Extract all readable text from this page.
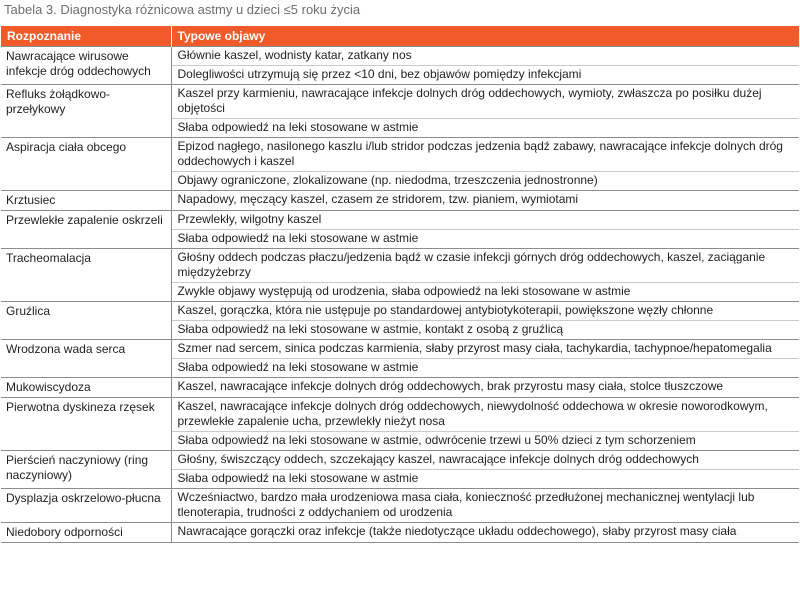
Tabela 3. Diagnostyka różnicowa astmy u dzieci ≤5 roku życia
Rozpoznanie	Typowe objawy
Nawracające wirusowe infekcje dróg oddechowych	Głównie kaszel, wodnisty katar, zatkany nos
Dolegliwości utrzymują się przez <10 dni, bez objawów pomiędzy infekcjami

Refluks żołądkowo-przełykowy	Kaszel przy karmieniu, nawracające infekcje dolnych dróg oddechowych, wymioty, zwłaszcza po posiłku dużej objętości
Słaba odpowiedź na leki stosowane w astmie

Aspiracja ciała obcego	Epizod nagłego, nasilonego kaszlu i/lub stridor podczas jedzenia bądź zabawy, nawracające infekcje dolnych dróg oddechowych i kaszel
Objawy ograniczone, zlokalizowane (np. niedodma, trzeszczenia jednostronne)

Krztusiec	Napadowy, męczący kaszel, czasem ze stridorem, tzw. pianiem, wymiotami

Przewlekłe zapalenie oskrzeli	Przewlekły, wilgotny kaszel
Słaba odpowiedź na leki stosowane w astmie

Tracheomalacja	Głośny oddech podczas płaczu/jedzenia bądź w czasie infekcji górnych dróg oddechowych, kaszel, zaciąganie międzyżebrzy
Zwykle objawy występują od urodzenia, słaba odpowiedź na leki stosowane w astmie

Gruźlica	Kaszel, gorączka, która nie ustępuje po standardowej antybiotykoterapii, powiększone węzły chłonne
Słaba odpowiedź na leki stosowane w astmie, kontakt z osobą z gruźlicą

Wrodzona wada serca	Szmer nad sercem, sinica podczas karmienia, słaby przyrost masy ciała, tachykardia, tachypnoe/hepatomegalia
Słaba odpowiedź na leki stosowane w astmie

Mukowiscydoza	Kaszel, nawracające infekcje dolnych dróg oddechowych, brak przyrostu masy ciała, stolce tłuszczowe

Pierwotna dyskineza rzęsek	Kaszel, nawracające infekcje dolnych dróg oddechowych, niewydolność oddechowa w okresie noworodkowym, przewlekłe zapalenie ucha, przewlekły nieżyt nosa
Słaba odpowiedź na leki stosowane w astmie, odwrócenie trzewi u 50% dzieci z tym schorzeniem

Pierścień naczyniowy (ring naczyniowy)	Głośny, świszczący oddech, szczekający kaszel, nawracające infekcje dolnych dróg oddechowych
Słaba odpowiedź na leki stosowane w astmie

Dysplazja oskrzelowo-płucna	Wcześniactwo, bardzo mała urodzeniowa masa ciała, konieczność przedłużonej mechanicznej wentylacji lub tlenoterapia, trudności z oddychaniem od urodzenia

Niedobory odporności	Nawracające gorączki oraz infekcje (także niedotyczące układu oddechowego), słaby przyrost masy ciała
